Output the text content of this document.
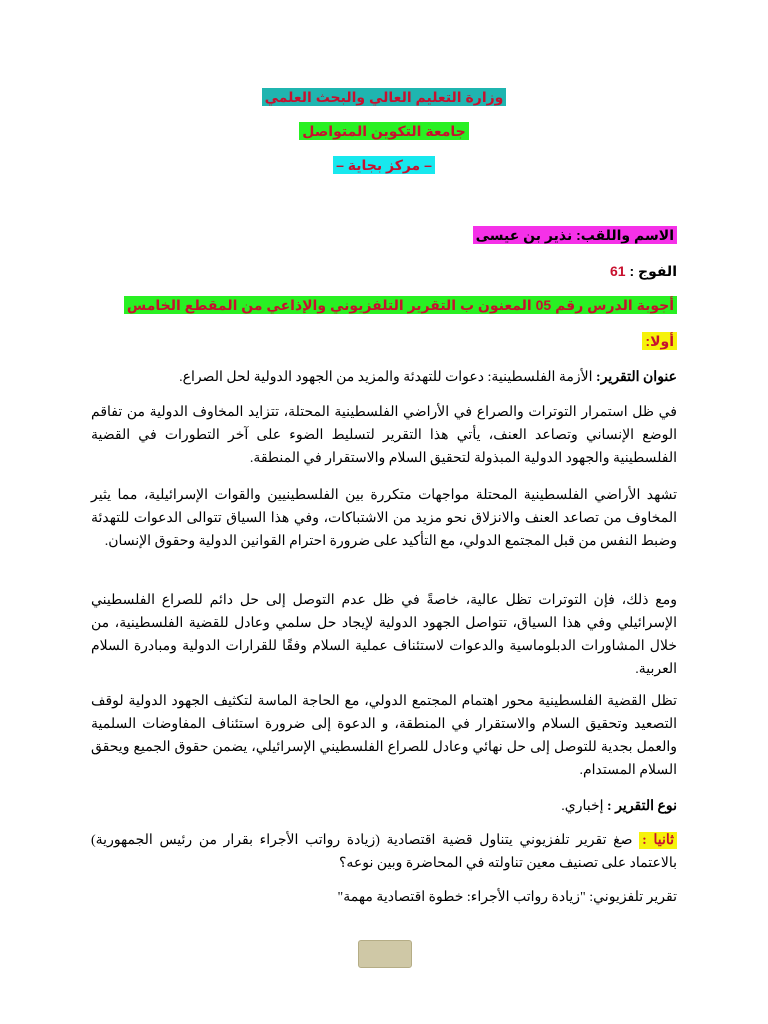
وزارة التعليم العالي والبحث العلمي
جامعة التكوين المتواصل
– مركز بجاية –
الاسم واللقب: نذير بن عيسى
الفوج : 61
أجوبة الدرس رقم 05 المعنون ب التقرير التلفزيوني والإذاعي من المقطع الخامس
أولا:
عنوان التقرير: الأزمة الفلسطينية: دعوات للتهدئة والمزيد من الجهود الدولية لحل الصراع.
في ظل استمرار التوترات والصراع في الأراضي الفلسطينية المحتلة، تتزايد المخاوف الدولية من تفاقم الوضع الإنساني وتصاعد العنف، يأتي هذا التقرير لتسليط الضوء على آخر التطورات في القضية الفلسطينية والجهود الدولية المبذولة لتحقيق السلام والاستقرار في المنطقة.
تشهد الأراضي الفلسطينية المحتلة مواجهات متكررة بين الفلسطينيين والقوات الإسرائيلية، مما يثير المخاوف من تصاعد العنف والانزلاق نحو مزيد من الاشتباكات، وفي هذا السياق تتوالى الدعوات للتهدئة وضبط النفس من قبل المجتمع الدولي، مع التأكيد على ضرورة احترام القوانين الدولية وحقوق الإنسان.
ومع ذلك، فإن التوترات تظل عالية، خاصةً في ظل عدم التوصل إلى حل دائم للصراع الفلسطيني الإسرائيلي وفي هذا السياق، تتواصل الجهود الدولية لإيجاد حل سلمي وعادل للقضية الفلسطينية، من خلال المشاورات الدبلوماسية والدعوات لاستئناف عملية السلام وفقًا للقرارات الدولية ومبادرة السلام العربية.
تظل القضية الفلسطينية محور اهتمام المجتمع الدولي، مع الحاجة الماسة لتكثيف الجهود الدولية لوقف التصعيد وتحقيق السلام والاستقرار في المنطقة، و الدعوة إلى ضرورة استئناف المفاوضات السلمية والعمل بجدية للتوصل إلى حل نهائي وعادل للصراع الفلسطيني الإسرائيلي، يضمن حقوق الجميع ويحقق السلام المستدام.
نوع التقرير : إخباري.
ثانيا : صغ تقرير تلفزيوني يتناول قضية اقتصادية (زيادة رواتب الأجراء بقرار من رئيس الجمهورية) بالاعتماد على تصنيف معين تناولته في المحاضرة وبين نوعه؟
تقرير تلفزيوني: "زيادة رواتب الأجراء: خطوة اقتصادية مهمة"
